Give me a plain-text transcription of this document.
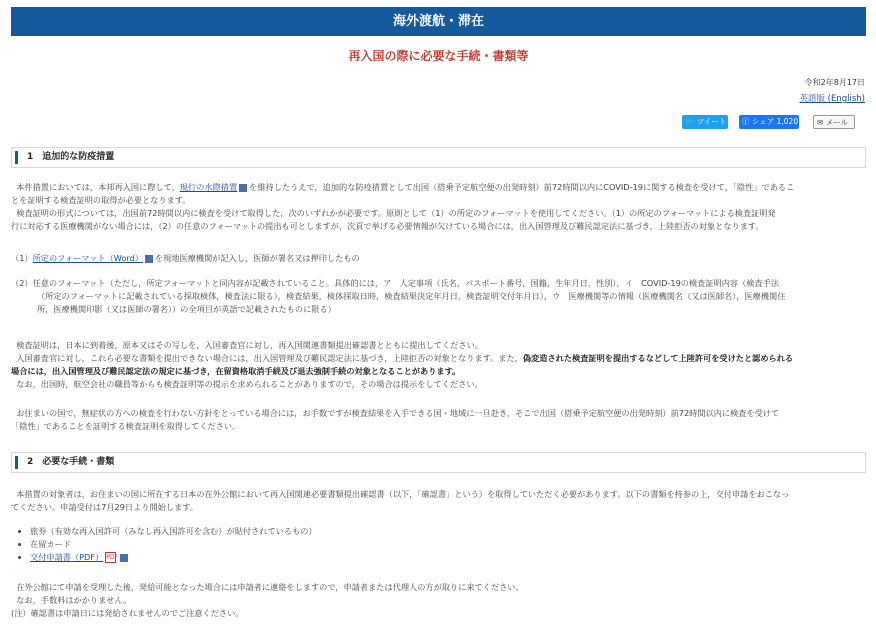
海外渡航・滞在
再入国の際に必要な手続・書類等
令和2年8月17日
英語版 (English)
🐦 ツイート	ⓕ シェア 1,020	✉ メール
1　追加的な防疫措置
本件措置においては，本邦再入国に際して，現行の水際措置 を維持したうえで，追加的な防疫措置として出国（搭乗予定航空便の出発時刻）前72時間以内にCOVID-19に関する検査を受けて，「陰性」であるこ
とを証明する検査証明の取得が必要となります。
検査証明の形式については，出国前72時間以内に検査を受けて取得した，次のいずれかが必要です。原則として（1）の所定のフォーマットを使用してください。（1）の所定のフォーマットによる検査証明発
行に対応する医療機関がない場合には，（2）の任意のフォーマットの提出も可としますが，次頁で挙げる必要情報が欠けている場合には，出入国管理及び難民認定法に基づき，上陸拒否の対象となります。
（1）所定のフォーマット（Word） を現地医療機関が記入し，医師が署名又は押印したもの
（2）任意のフォーマット（ただし，所定フォーマットと同内容が記載されていること。具体的には，ア　人定事項（氏名，パスポート番号，国籍，生年月日，性別），イ　COVID-19の検査証明内容（検査手法
（所定のフォーマットに記載されている採取検体，検査法に限る），検査結果，検体採取日時，検査結果決定年月日，検査証明交付年月日），ウ　医療機関等の情報（医療機関名（又は医師名），医療機関住
所，医療機関印影（又は医師の署名））の全項目が英語で記載されたものに限る）
検査証明は，日本に到着後，原本又はその写しを，入国審査官に対し，再入国関連書類提出確認書とともに提出してください。
入国審査官に対し，これら必要な書類を提出できない場合には，出入国管理及び難民認定法に基づき，上陸拒否の対象となります。また，偽変造された検査証明を提出するなどして上陸許可を受けたと認められる
場合には，出入国管理及び難民認定法の規定に基づき，在留資格取消手続及び退去強制手続の対象となることがあります。
なお，出国時，航空会社の職員等からも検査証明等の提示を求められることがありますので，その場合は提示をしてください。
お住まいの国で，無症状の方への検査を行わない方針をとっている場合には，お手数ですが検査結果を入手できる国・地域に一旦赴き，そこで出国（搭乗予定航空便の出発時刻）前72時間以内に検査を受けて
「陰性」であることを証明する検査証明を取得してください。
2　必要な手続・書類
本措置の対象者は，お住まいの国に所在する日本の在外公館において再入国関連必要書類提出確認書（以下，「確認書」という）を取得していただく必要があります。以下の書類を持参の上，交付申請をおこなっ
てください。申請受付は7月29日より開始します。
• 旅券（有効な再入国許可（みなし再入国許可を含む）が貼付されているもの）
• 在留カード
• 交付申請書（PDF） PDF
在外公館にて申請を受理した後，発給可能となった場合には申請者に連絡をしますので，申請者または代理人の方が取りに来てください。
なお，手数料はかかりません。
(注）確認書は申請日には発給されませんのでご注意ください。
